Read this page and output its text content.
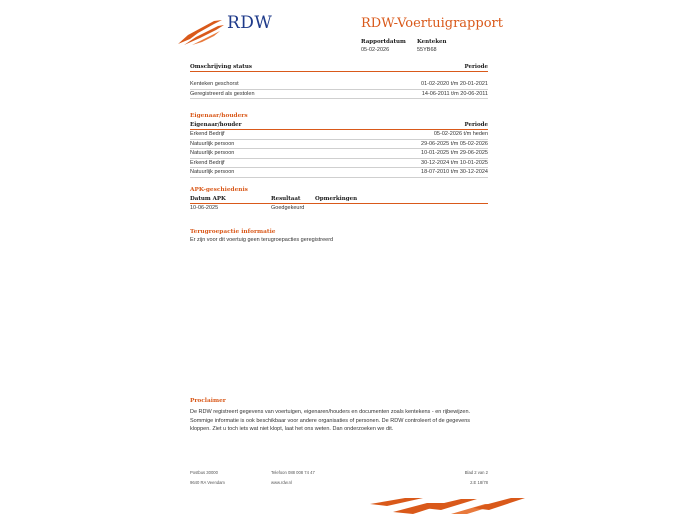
RDW	RDW-Voertuigrapport
Rapportdatum
05-02-2026
Kenteken
55YB68
Omschrijving status	Periode
Kenteken geschorst	01-02-2020 t/m 20-01-2021
Geregistreerd als gestolen	14-06-2011 t/m 20-06-2011
Eigenaar/houders
Eigenaar/houder	Periode
Erkend Bedrijf	05-02-2026 t/m heden
Natuurlijk persoon	29-06-2025 t/m 05-02-2026
Natuurlijk persoon	10-01-2025 t/m 29-06-2025
Erkend Bedrijf	30-12-2024 t/m 10-01-2025
Natuurlijk persoon	18-07-2010 t/m 30-12-2024
APK-geschiedenis
Datum APK	Resultaat	Opmerkingen
10-06-2025	Goedgekeurd
Terugroepactie informatie
Er zijn voor dit voertuig geen terugroepacties geregistreerd
Proclaimer
De RDW registreert gegevens van voertuigen, eigenaren/houders en documenten zoals kentekens - en rijbewijzen. Sommige informatie is ook beschikbaar voor andere organisaties of personen. De RDW controleert of de gegevens kloppen. Ziet u toch iets wat niet klopt, laat het ons weten. Dan onderzoeken we dit.
Postbus 30000
9640 RA Veendam
Telefoon 088 008 74 47
www.rdw.nl
Blad 2 van 2
2.E 18/78
